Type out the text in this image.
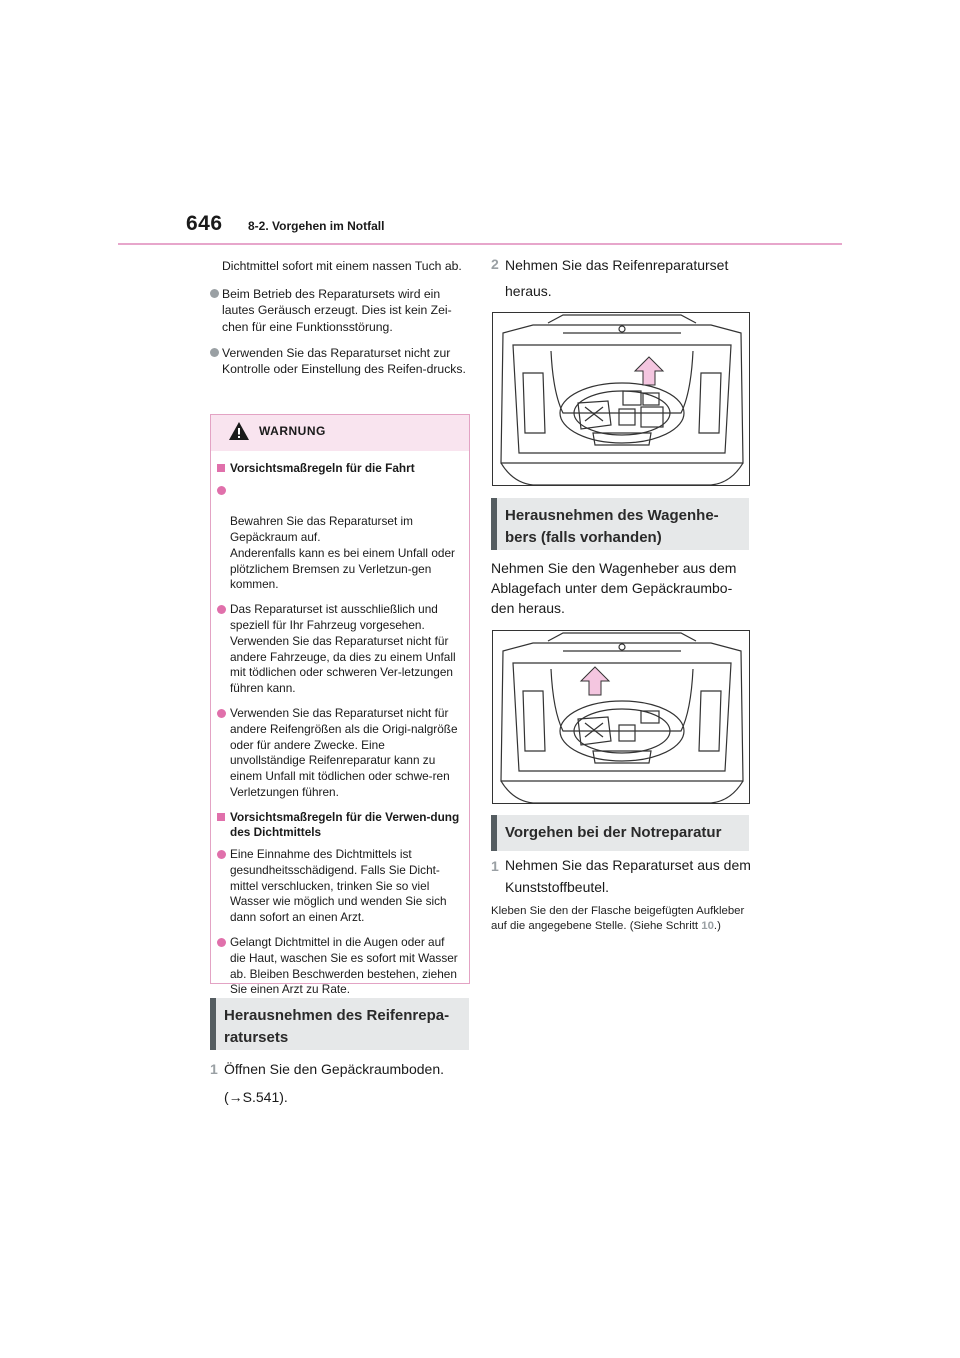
646 8-2. Vorgehen im Notfall

Dichtmittel sofort mit einem nassen Tuch ab.

Beim Betrieb des Reparatursets wird ein lautes Geräusch erzeugt. Dies ist kein Zei-chen für eine Funktionsstörung.
Verwenden Sie das Reparaturset nicht zur Kontrolle oder Einstellung des Reifen-drucks.
WARNUNG
Vorsichtsmaßregeln für die Fahrt

Bewahren Sie das Reparaturset im Gepäckraum auf.
Anderenfalls kann es bei einem Unfall oder plötzlichem Bremsen zu Verletzun-gen kommen.

Das Reparaturset ist ausschließlich und speziell für Ihr Fahrzeug vorgesehen. Verwenden Sie das Reparaturset nicht für andere Fahrzeuge, da dies zu einem Unfall mit tödlichen oder schweren Ver-letzungen führen kann.
Verwenden Sie das Reparaturset nicht für andere Reifengrößen als die Origi-nalgröße oder für andere Zwecke. Eine unvollständige Reifenreparatur kann zu einem Unfall mit tödlichen oder schwe-ren Verletzungen führen.
Vorsichtsmaßregeln für die Verwen-dung des Dichtmittels
Eine Einnahme des Dichtmittels ist gesundheitsschädigend. Falls Sie Dicht-mittel verschlucken, trinken Sie so viel Wasser wie möglich und wenden Sie sich dann sofort an einen Arzt.
Gelangt Dichtmittel in die Augen oder auf die Haut, waschen Sie es sofort mit Wasser ab. Bleiben Beschwerden bestehen, ziehen Sie einen Arzt zu Rate.
Herausnehmen des Reifenrepa-ratursets
1 Öffnen Sie den Gepäckraumboden.
(→S.541).
2 Nehmen Sie das Reifenreparaturset heraus.
Herausnehmen des Wagenhe-bers (falls vorhanden)
Nehmen Sie den Wagenheber aus dem Ablagefach unter dem Gepäckraumbo-den heraus.
Vorgehen bei der Notreparatur
1 Nehmen Sie das Reparaturset aus dem Kunststoffbeutel.
Kleben Sie den der Flasche beigefügten Aufkleber auf die angegebene Stelle. (Siehe Schritt 10.)
